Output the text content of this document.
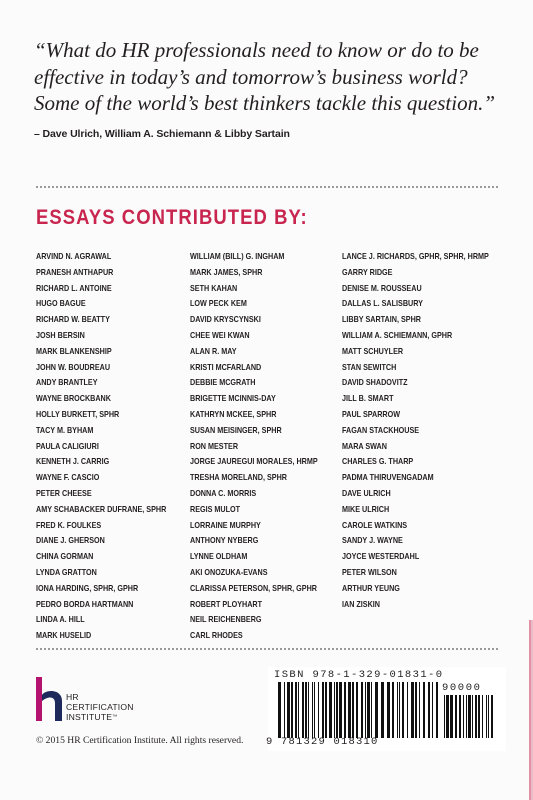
“What do HR professionals need to know or do to be effective in today’s and tomorrow’s business world? Some of the world’s best thinkers tackle this question.” – Dave Ulrich, William A. Schiemann & Libby Sartain

ESSAYS CONTRIBUTED BY:
ARVIND N. AGRAWAL
PRANESH ANTHAPUR
RICHARD L. ANTOINE
HUGO BAGUE
RICHARD W. BEATTY
JOSH BERSIN
MARK BLANKENSHIP
JOHN W. BOUDREAU
ANDY BRANTLEY
WAYNE BROCKBANK
HOLLY BURKETT, SPHR
TACY M. BYHAM
PAULA CALIGIURI
KENNETH J. CARRIG
WAYNE F. CASCIO
PETER CHEESE
AMY SCHABACKER DUFRANE, SPHR
FRED K. FOULKES
DIANE J. GHERSON
CHINA GORMAN
LYNDA GRATTON
IONA HARDING, SPHR, GPHR
PEDRO BORDA HARTMANN
LINDA A. HILL
MARK HUSELID
WILLIAM (BILL) G. INGHAM
MARK JAMES, SPHR
SETH KAHAN
LOW PECK KEM
DAVID KRYSCYNSKI
CHEE WEI KWAN
ALAN R. MAY
KRISTI MCFARLAND
DEBBIE MCGRATH
BRIGETTE MCINNIS-DAY
KATHRYN MCKEE, SPHR
SUSAN MEISINGER, SPHR
RON MESTER
JORGE JAUREGUI MORALES, HRMP
TRESHA MORELAND, SPHR
DONNA C. MORRIS
REGIS MULOT
LORRAINE MURPHY
ANTHONY NYBERG
LYNNE OLDHAM
AKI ONOZUKA-EVANS
CLARISSA PETERSON, SPHR, GPHR
ROBERT PLOYHART
NEIL REICHENBERG
CARL RHODES
LANCE J. RICHARDS, GPHR, SPHR, HRMP
GARRY RIDGE
DENISE M. ROUSSEAU
DALLAS L. SALISBURY
LIBBY SARTAIN, SPHR
WILLIAM A. SCHIEMANN, GPHR
MATT SCHUYLER
STAN SEWITCH
DAVID SHADOVITZ
JILL B. SMART
PAUL SPARROW
FAGAN STACKHOUSE
MARA SWAN
CHARLES G. THARP
PADMA THIRUVENGADAM
DAVE ULRICH
MIKE ULRICH
CAROLE WATKINS
SANDY J. WAYNE
JOYCE WESTERDAHL
PETER WILSON
ARTHUR YEUNG
IAN ZISKIN
HR
CERTIFICATION
INSTITUTE™
© 2015 HR Certification Institute. All rights reserved.
ISBN 978-1-329-01831-0
90000
9 781329 018310
